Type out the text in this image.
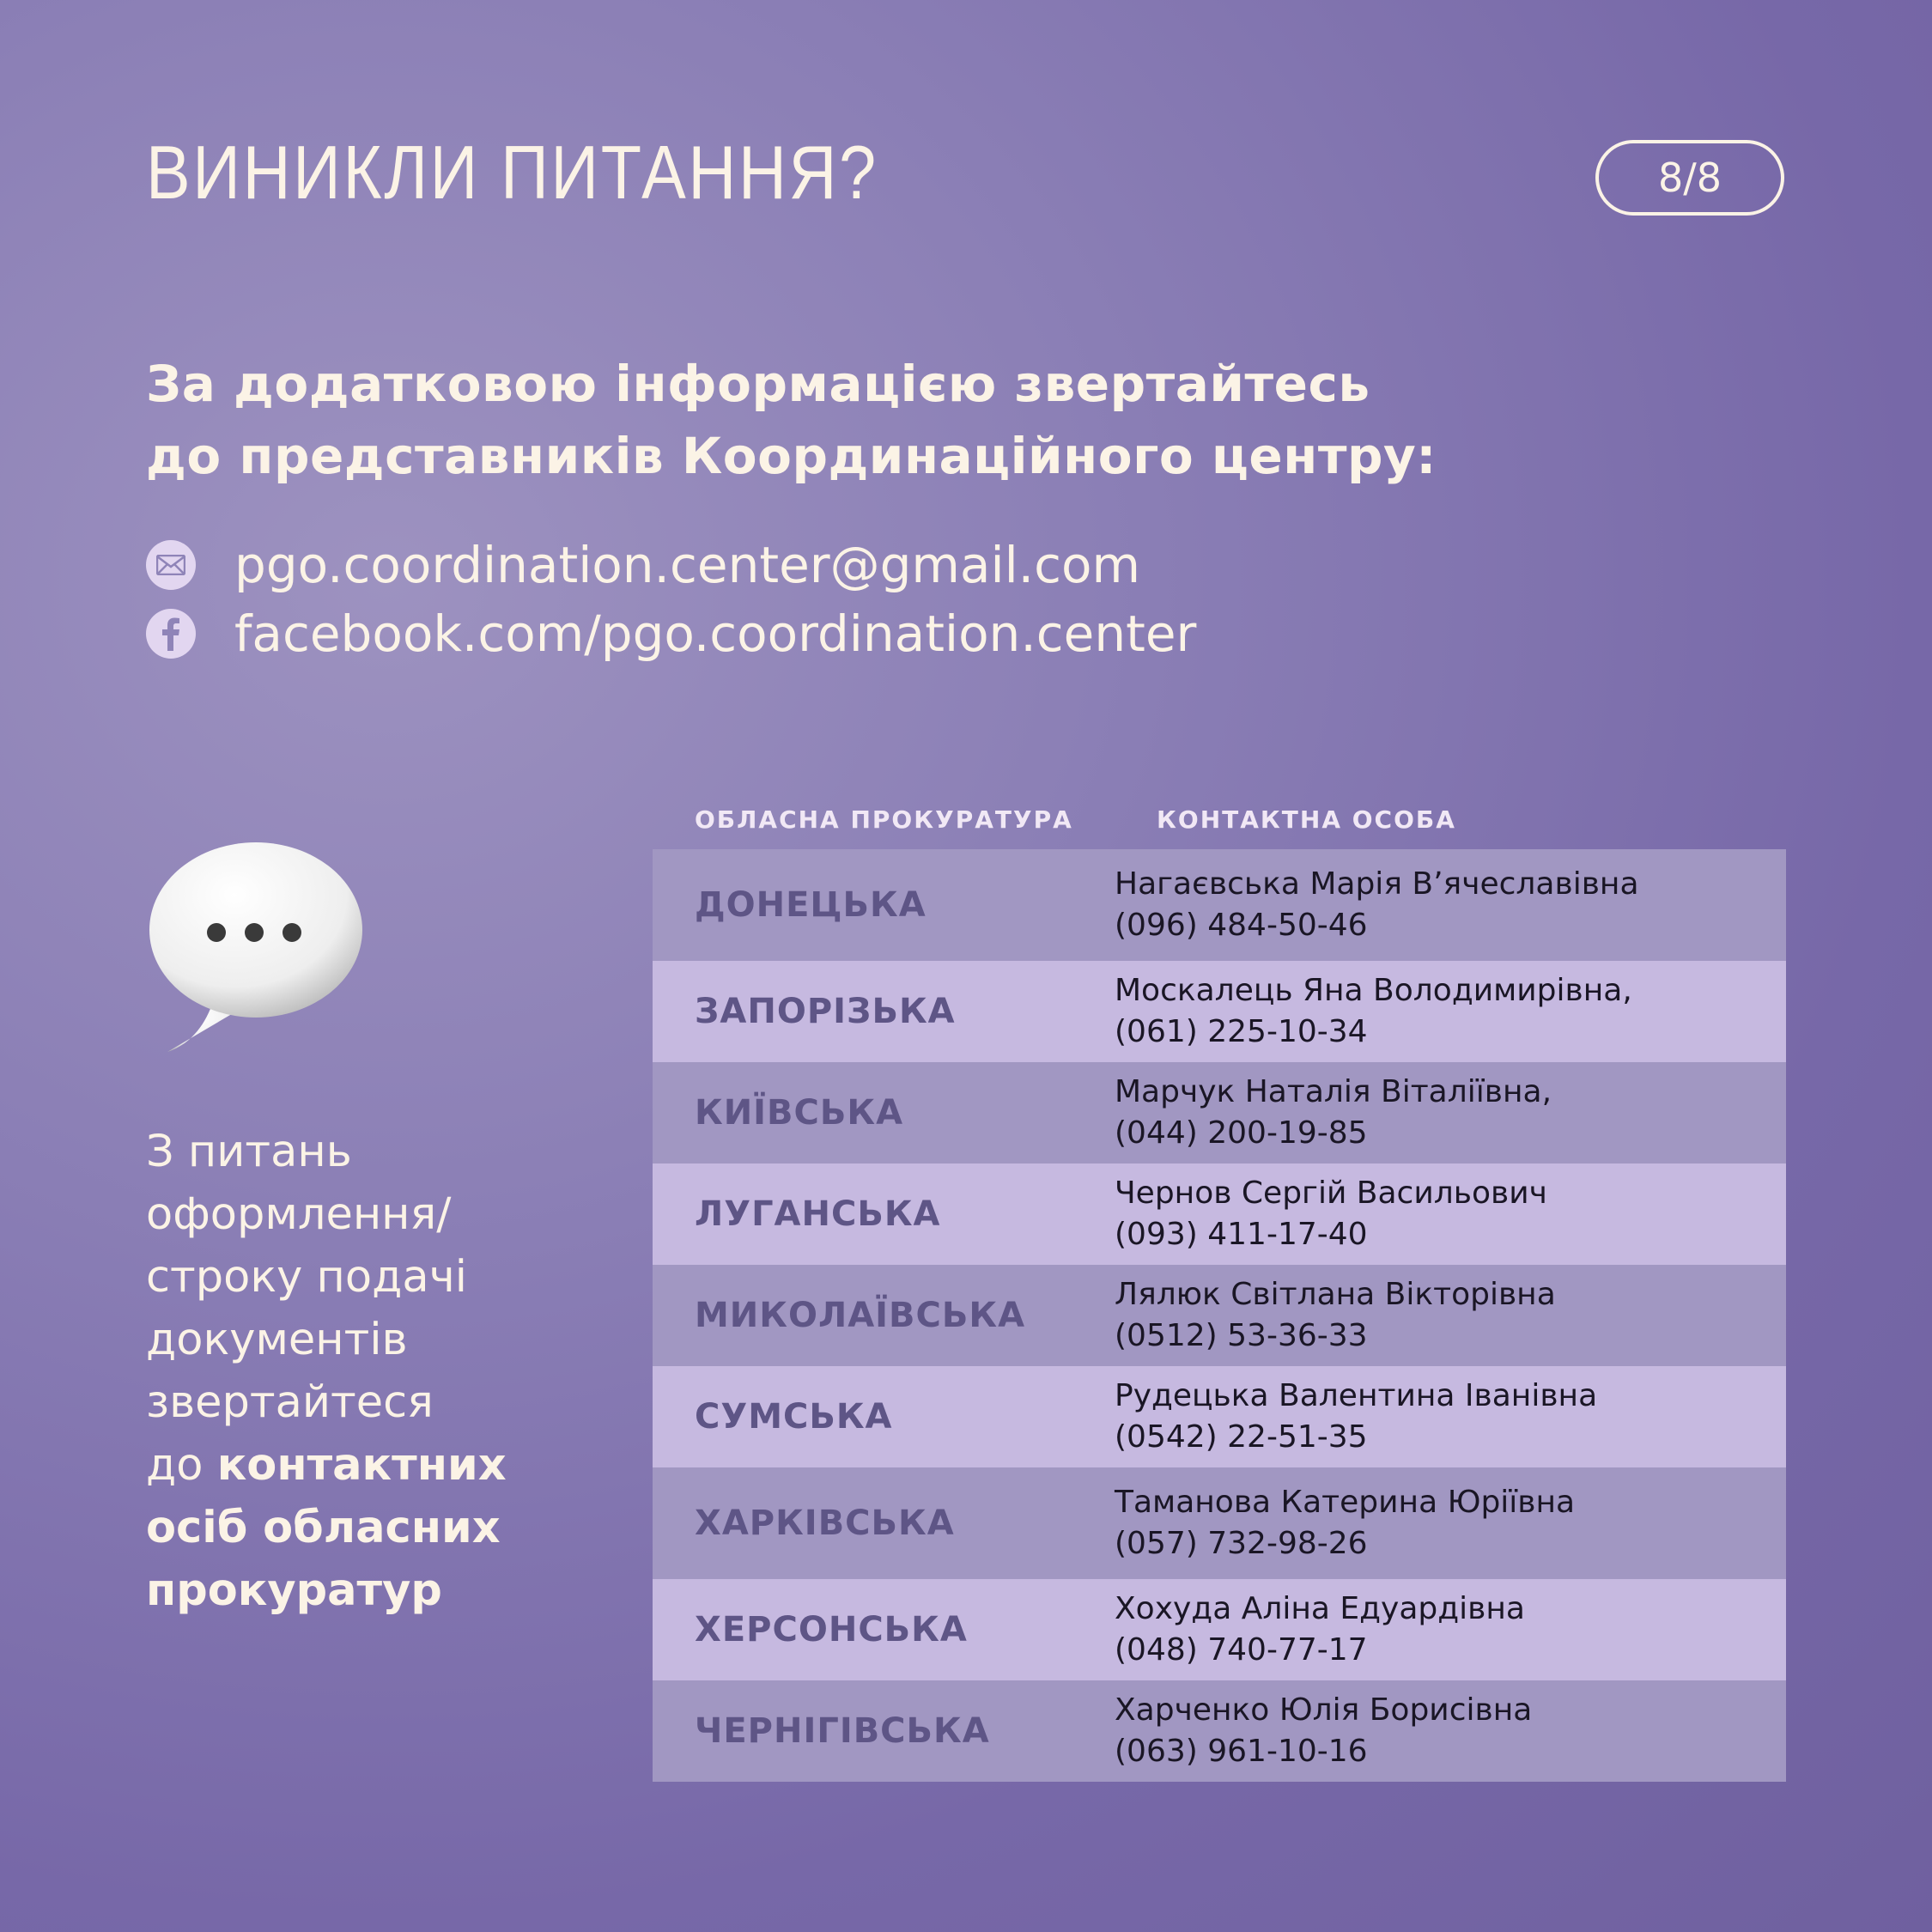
ВИНИКЛИ ПИТАННЯ?	8/8
За додатковою інформацією звертайтесь
до представників Координаційного центру:
pgo.coordination.center@gmail.com
facebook.com/pgo.coordination.center
З питань
оформлення/
строку подачі
документів
звертайтеся
до контактних
осіб обласних
прокуратур
ОБЛАСНА ПРОКУРАТУРА	КОНТАКТНА ОСОБА
ДОНЕЦЬКА
Нагаєвська Марія В’ячеславівна
(096) 484-50-46
ЗАПОРІЗЬКА
Москалець Яна Володимирівна,
(061) 225-10-34
КИЇВСЬКА
Марчук Наталія Віталіївна,
(044) 200-19-85
ЛУГАНСЬКА
Чернов Сергій Васильович
(093) 411-17-40
МИКОЛАЇВСЬКА
Лялюк Світлана Вікторівна
(0512) 53-36-33
СУМСЬКА
Рудецька Валентина Іванівна
(0542) 22-51-35
ХАРКІВСЬКА
Таманова Катерина Юріївна
(057) 732-98-26
ХЕРСОНСЬКА
Хохуда Аліна Едуардівна
(048) 740-77-17
ЧЕРНІГІВСЬКА
Харченко Юлія Борисівна
(063) 961-10-16
